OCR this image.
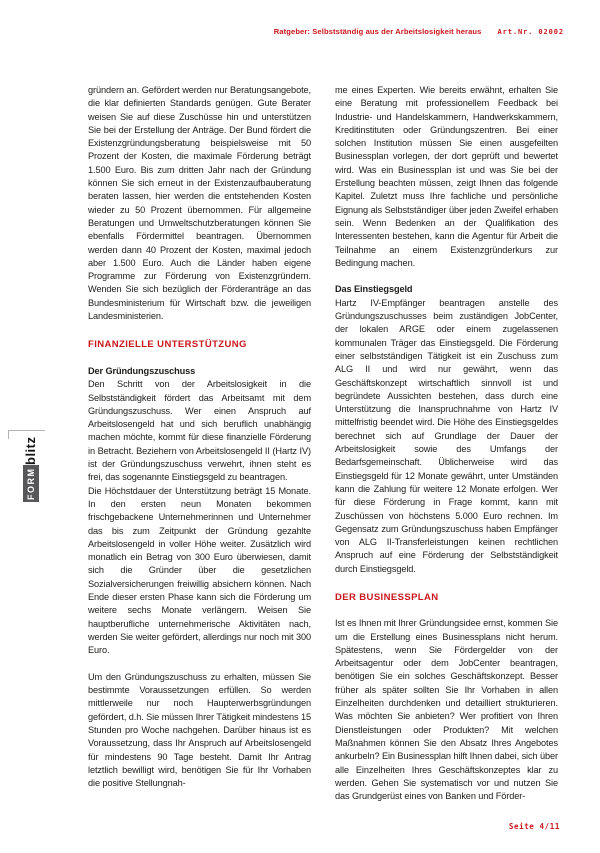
Ratgeber: Selbstständig aus der Arbeitslosigkeit heraus Art.Nr. 02002
FORMblitz

gründern an. Gefördert werden nur Beratungsangebote, die klar definierten Standards genügen. Gute Berater weisen Sie auf diese Zuschüsse hin und unterstützen Sie bei der Erstellung der Anträge. Der Bund fördert die Existenzgründungsberatung beispielsweise mit 50 Prozent der Kosten, die maximale Förderung beträgt 1.500 Euro. Bis zum dritten Jahr nach der Gründung können Sie sich erneut in der Existenzaufbauberatung beraten lassen, hier werden die entstehenden Kosten wieder zu 50 Prozent übernommen. Für allgemeine Beratungen und Umweltschutzberatungen können Sie ebenfalls Fördermittel beantragen. Übernommen werden dann 40 Prozent der Kosten, maximal jedoch aber 1.500 Euro. Auch die Länder haben eigene Programme zur Förderung von Existenzgründern. Wenden Sie sich bezüglich der Förderanträge an das Bundesministerium für Wirtschaft bzw. die jeweiligen Landesministerien.

FINANZIELLE UNTERSTÜTZUNG
Der Gründungszuschuss

Den Schritt von der Arbeitslosigkeit in die Selbstständigkeit fördert das Arbeitsamt mit dem Gründungszuschuss. Wer einen Anspruch auf Arbeitslosengeld hat und sich beruflich unabhängig machen möchte, kommt für diese finanzielle Förderung in Betracht. Beziehern von Arbeitslosengeld II (Hartz IV) ist der Gründungszuschuss verwehrt, ihnen steht es frei, das sogenannte Einstiegsgeld zu beantragen.

Die Höchstdauer der Unterstützung beträgt 15 Monate. In den ersten neun Monaten bekommen frischgebackene Unternehmerinnen und Unternehmer das bis zum Zeitpunkt der Gründung gezahlte Arbeitslosengeld in voller Höhe weiter. Zusätzlich wird monatlich ein Betrag von 300 Euro überwiesen, damit sich die Gründer über die gesetzlichen Sozialversicherungen freiwillig absichern können. Nach Ende dieser ersten Phase kann sich die Förderung um weitere sechs Monate verlängern. Weisen Sie hauptberufliche unternehmerische Aktivitäten nach, werden Sie weiter gefördert, allerdings nur noch mit 300 Euro.

Um den Gründungszuschuss zu erhalten, müssen Sie bestimmte Voraussetzungen erfüllen. So werden mittlerweile nur noch Haupterwerbsgründungen gefördert, d.h. Sie müssen Ihrer Tätigkeit mindestens 15 Stunden pro Woche nachgehen. Darüber hinaus ist es Voraussetzung, dass Ihr Anspruch auf Arbeitslosengeld für mindestens 90 Tage besteht. Damit Ihr Antrag letztlich bewilligt wird, benötigen Sie für Ihr Vorhaben die positive Stellungnah-

me eines Experten. Wie bereits erwähnt, erhalten Sie eine Beratung mit professionellem Feedback bei Industrie- und Handelskammern, Handwerkskammern, Kreditinstituten oder Gründungszentren. Bei einer solchen Institution müssen Sie einen ausgefeilten Businessplan vorlegen, der dort geprüft und bewertet wird. Was ein Businessplan ist und was Sie bei der Erstellung beachten müssen, zeigt Ihnen das folgende Kapitel. Zuletzt muss Ihre fachliche und persönliche Eignung als Selbstständiger über jeden Zweifel erhaben sein. Wenn Bedenken an der Qualifikation des Interessenten bestehen, kann die Agentur für Arbeit die Teilnahme an einem Existenzgründerkurs zur Bedingung machen.

Das Einstiegsgeld

Hartz IV-Empfänger beantragen anstelle des Gründungszuschusses beim zuständigen JobCenter, der lokalen ARGE oder einem zugelassenen kommunalen Träger das Einstiegsgeld. Die Förderung einer selbstständigen Tätigkeit ist ein Zuschuss zum ALG II und wird nur gewährt, wenn das Geschäftskonzept wirtschaftlich sinnvoll ist und begründete Aussichten bestehen, dass durch eine Unterstützung die Inanspruchnahme von Hartz IV mittelfristig beendet wird. Die Höhe des Einstiegsgeldes berechnet sich auf Grundlage der Dauer der Arbeitslosigkeit sowie des Umfangs der Bedarfsgemeinschaft. Üblicherweise wird das Einstiegsgeld für 12 Monate gewährt, unter Umständen kann die Zahlung für weitere 12 Monate erfolgen. Wer für diese Förderung in Frage kommt, kann mit Zuschüssen von höchstens 5.000 Euro rechnen. Im Gegensatz zum Gründungszuschuss haben Empfänger von ALG II-Transferleistungen keinen rechtlichen Anspruch auf eine Förderung der Selbstständigkeit durch Einstiegsgeld.

DER BUSINESSPLAN

Ist es Ihnen mit Ihrer Gründungsidee ernst, kommen Sie um die Erstellung eines Businessplans nicht herum. Spätestens, wenn Sie Fördergelder von der Arbeitsagentur oder dem JobCenter beantragen, benötigen Sie ein solches Geschäftskonzept. Besser früher als später sollten Sie Ihr Vorhaben in allen Einzelheiten durchdenken und detailliert strukturieren. Was möchten Sie anbieten? Wer profitiert von Ihren Dienstleistungen oder Produkten? Mit welchen Maßnahmen können Sie den Absatz Ihres Angebotes ankurbeln? Ein Businessplan hilft Ihnen dabei, sich über alle Einzelheiten Ihres Geschäftskonzeptes klar zu werden. Gehen Sie systematisch vor und nutzen Sie das Grundgerüst eines von Banken und Förder-

Seite 4/11
